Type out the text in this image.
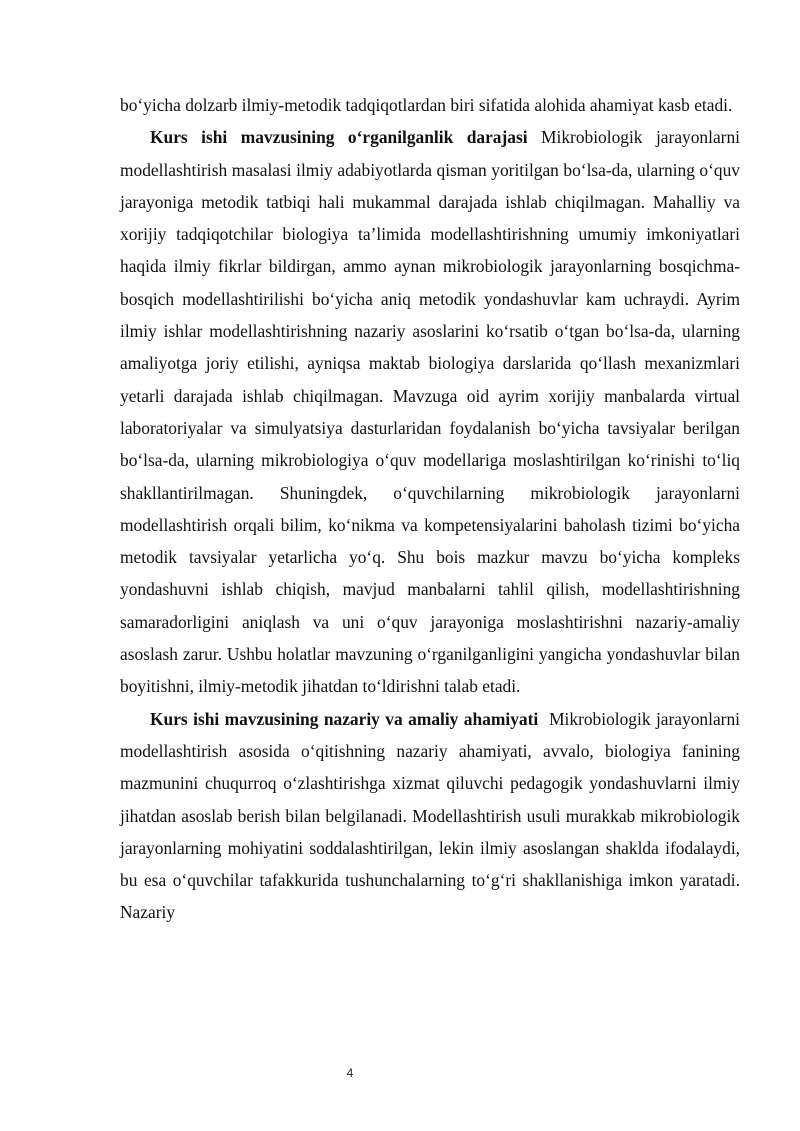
bo‘yicha dolzarb ilmiy-metodik tadqiqotlardan biri sifatida alohida ahamiyat kasb etadi.

Kurs ishi mavzusining o‘rganilganlik darajasi Mikrobiologik jarayonlarni modellashtirish masalasi ilmiy adabiyotlarda qisman yoritilgan bo‘lsa-da, ularning o‘quv jarayoniga metodik tatbiqi hali mukammal darajada ishlab chiqilmagan. Mahalliy va xorijiy tadqiqotchilar biologiya ta’limida modellashtirishning umumiy imkoniyatlari haqida ilmiy fikrlar bildirgan, ammo aynan mikrobiologik jarayonlarning bosqichma-bosqich modellashtirilishi bo‘yicha aniq metodik yondashuvlar kam uchraydi. Ayrim ilmiy ishlar modellashtirishning nazariy asoslarini ko‘rsatib o‘tgan bo‘lsa-da, ularning amaliyotga joriy etilishi, ayniqsa maktab biologiya darslarida qo‘llash mexanizmlari yetarli darajada ishlab chiqilmagan. Mavzuga oid ayrim xorijiy manbalarda virtual laboratoriyalar va simulyatsiya dasturlaridan foydalanish bo‘yicha tavsiyalar berilgan bo‘lsa-da, ularning mikrobiologiya o‘quv modellariga moslashtirilgan ko‘rinishi to‘liq shakllantirilmagan. Shuningdek, o‘quvchilarning mikrobiologik jarayonlarni modellashtirish orqali bilim, ko‘nikma va kompetensiyalarini baholash tizimi bo‘yicha metodik tavsiyalar yetarlicha yo‘q. Shu bois mazkur mavzu bo‘yicha kompleks yondashuvni ishlab chiqish, mavjud manbalarni tahlil qilish, modellashtirishning samaradorligini aniqlash va uni o‘quv jarayoniga moslashtirishni nazariy-amaliy asoslash zarur. Ushbu holatlar mavzuning o‘rganilganligini yangicha yondashuvlar bilan boyitishni, ilmiy-metodik jihatdan to‘ldirishni talab etadi.

Kurs ishi mavzusining nazariy va amaliy ahamiyati  Mikrobiologik jarayonlarni modellashtirish asosida o‘qitishning nazariy ahamiyati, avvalo, biologiya fanining mazmunini chuqurroq o‘zlashtirishga xizmat qiluvchi pedagogik yondashuvlarni ilmiy jihatdan asoslab berish bilan belgilanadi. Modellashtirish usuli murakkab mikrobiologik jarayonlarning mohiyatini soddalashtirilgan, lekin ilmiy asoslangan shaklda ifodalaydi, bu esa o‘quvchilar tafakkurida tushunchalarning to‘g‘ri shakllanishiga imkon yaratadi. Nazariy

4
